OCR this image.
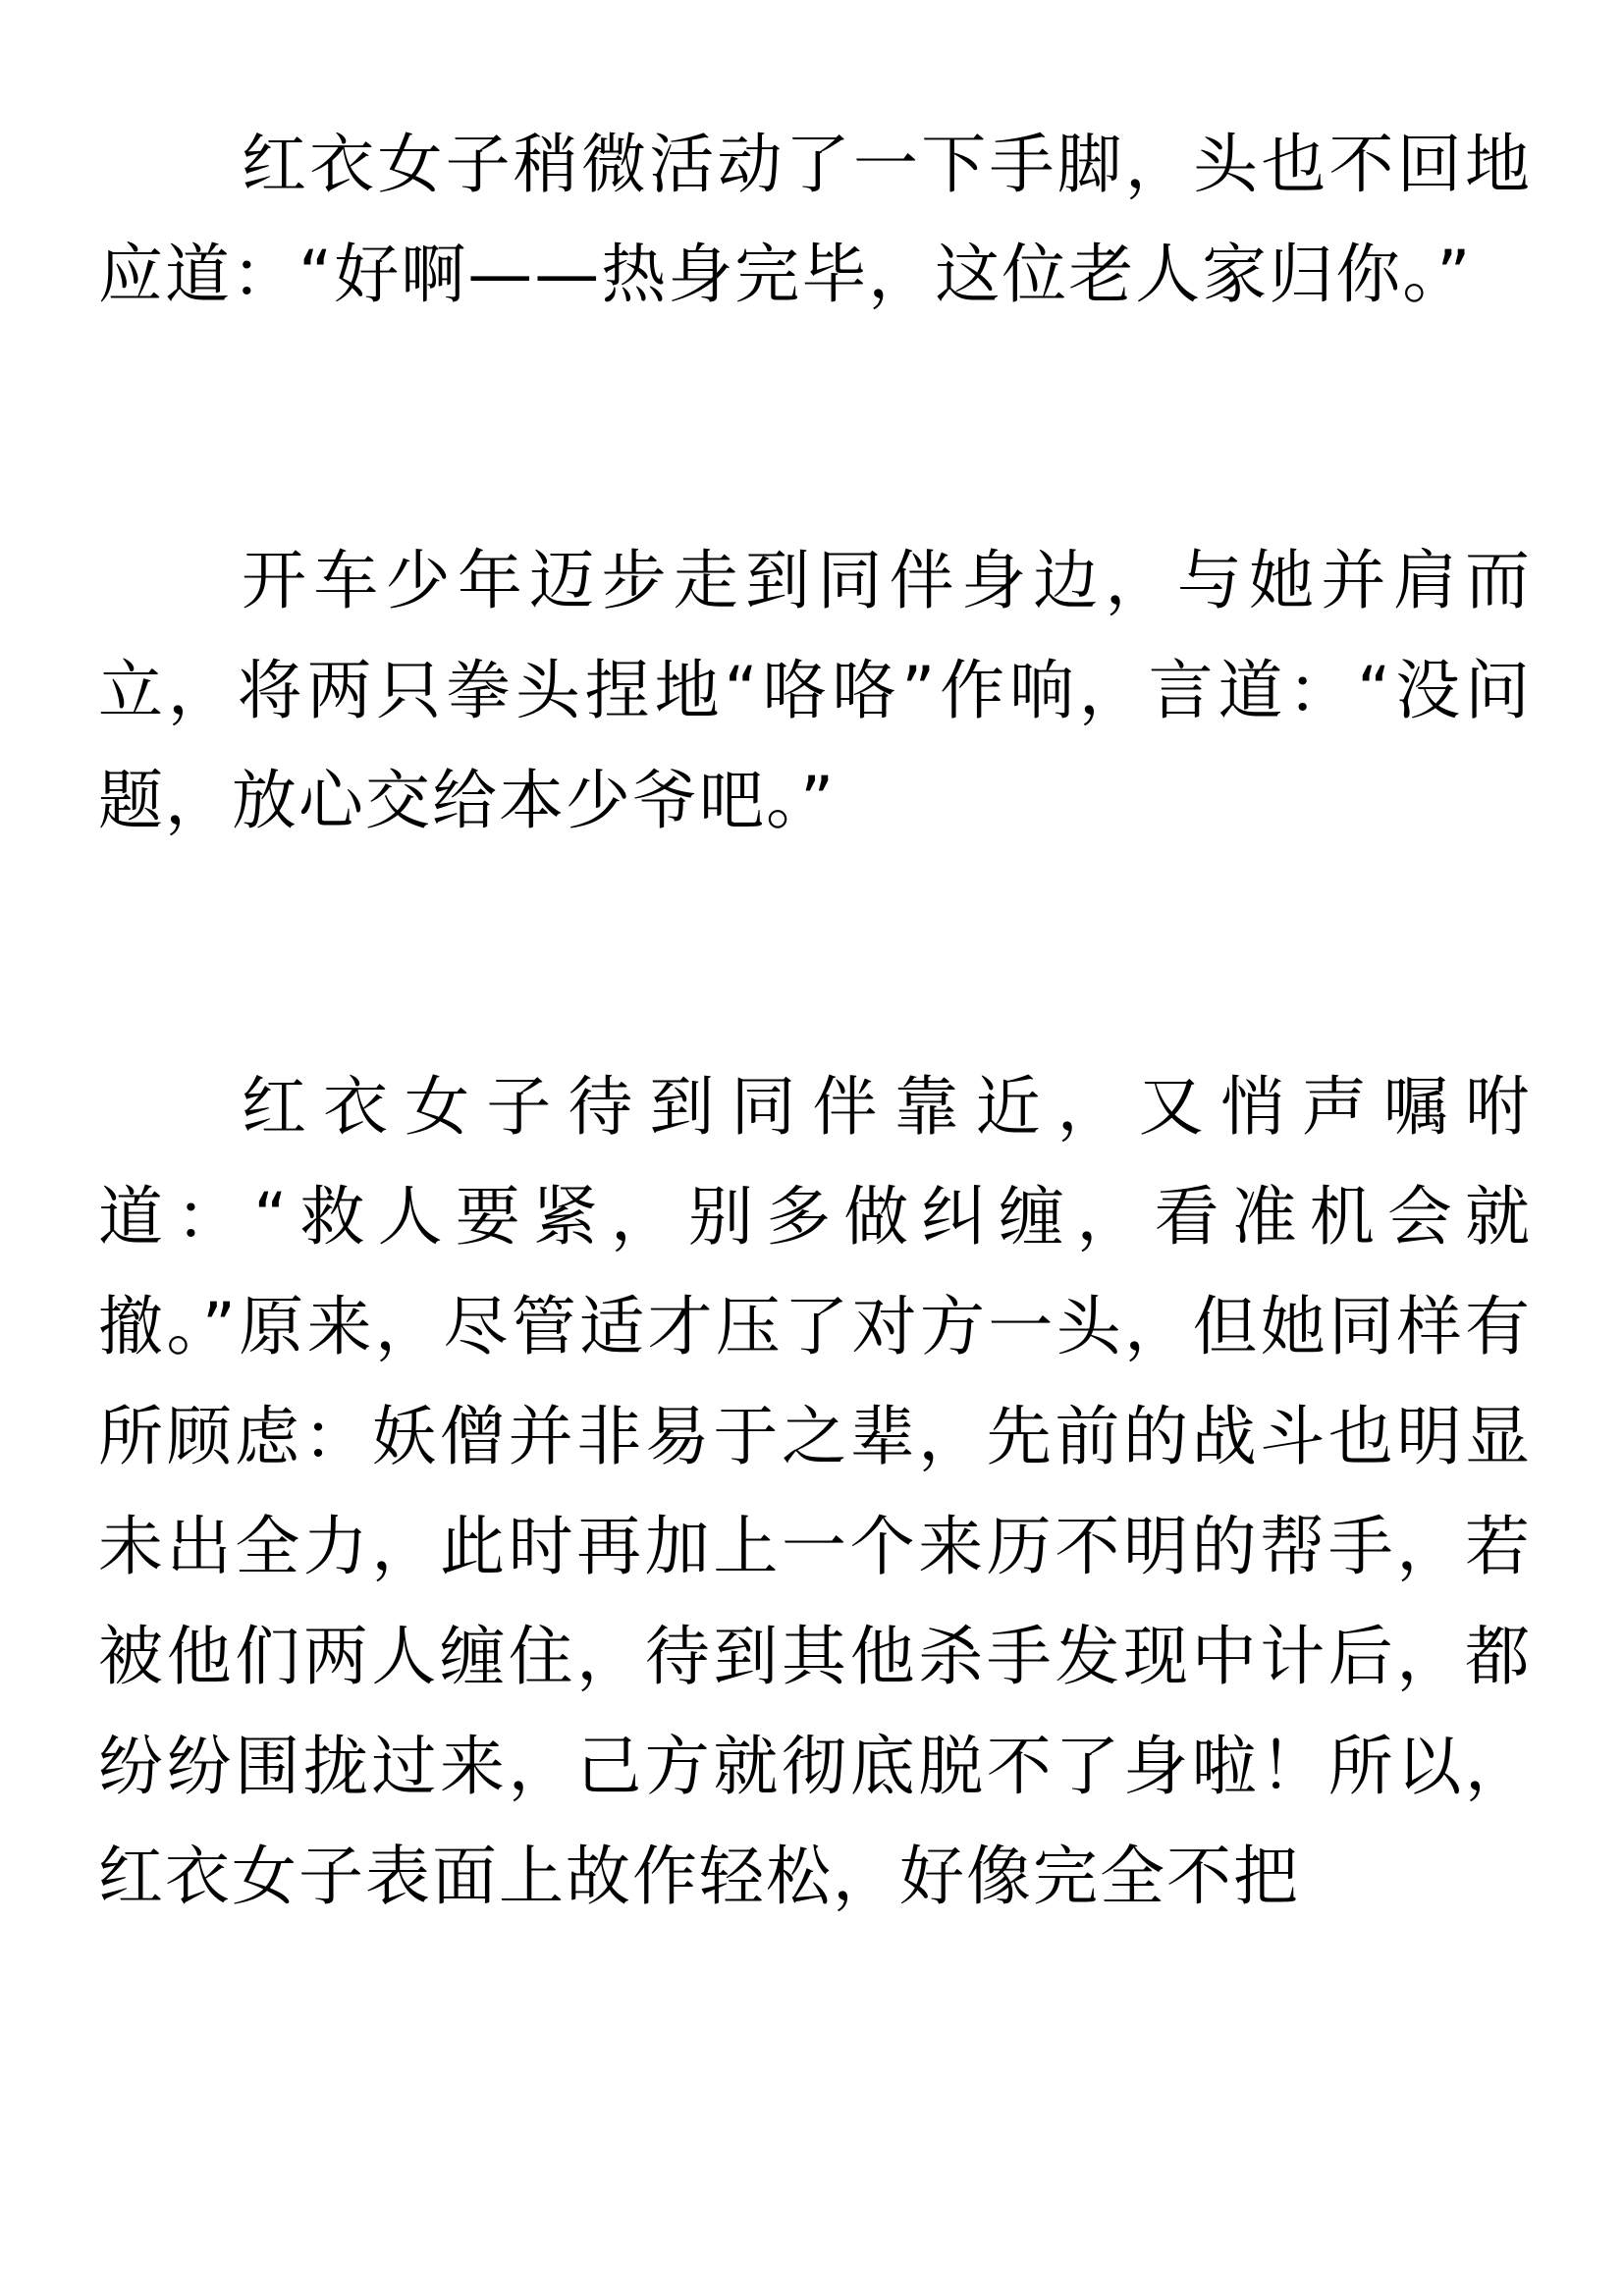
红衣女子稍微活动了一下手脚，头也不回地应道：“好啊——热身完毕，这位老人家归你。”

开车少年迈步走到同伴身边，与她并肩而立，将两只拳头捏地“咯咯”作响，言道：“没问题，放心交给本少爷吧。”

红衣女子待到同伴靠近，又悄声嘱咐道：“救人要紧，别多做纠缠，看准机会就撤。”原来，尽管适才压了对方一头，但她同样有所顾虑：妖僧并非易于之辈，先前的战斗也明显未出全力，此时再加上一个来历不明的帮手，若被他们两人缠住，待到其他杀手发现中计后，都纷纷围拢过来，己方就彻底脱不了身啦！所以，红衣女子表面上故作轻松，好像完全不把
